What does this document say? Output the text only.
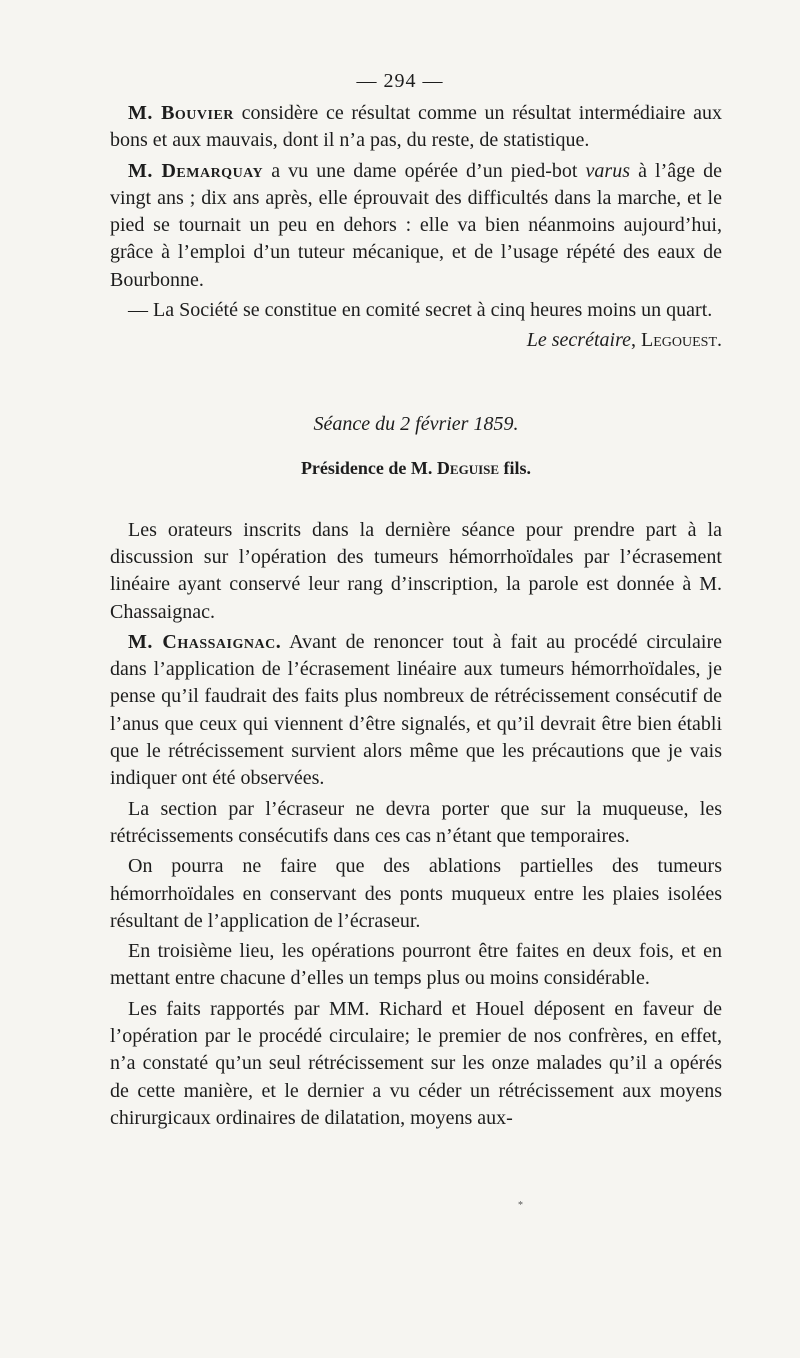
— 294 —

M. Bouvier considère ce résultat comme un résultat intermédiaire aux bons et aux mauvais, dont il n’a pas, du reste, de statistique.

M. Demarquay a vu une dame opérée d’un pied-bot varus à l’âge de vingt ans ; dix ans après, elle éprouvait des difficultés dans la marche, et le pied se tournait un peu en dehors : elle va bien néanmoins aujourd’hui, grâce à l’emploi d’un tuteur mécanique, et de l’usage répété des eaux de Bourbonne.

— La Société se constitue en comité secret à cinq heures moins un quart.

Le secrétaire, Legouest.
Séance du 2 février 1859.
Présidence de M. Deguise fils.

Les orateurs inscrits dans la dernière séance pour prendre part à la discussion sur l’opération des tumeurs hémorrhoïdales par l’écrasement linéaire ayant conservé leur rang d’inscription, la parole est donnée à M. Chassaignac.

M. Chassaignac. Avant de renoncer tout à fait au procédé circulaire dans l’application de l’écrasement linéaire aux tumeurs hémorrhoïdales, je pense qu’il faudrait des faits plus nombreux de rétrécissement consécutif de l’anus que ceux qui viennent d’être signalés, et qu’il devrait être bien établi que le rétrécissement survient alors même que les précautions que je vais indiquer ont été observées.

La section par l’écraseur ne devra porter que sur la muqueuse, les rétrécissements consécutifs dans ces cas n’étant que temporaires.

On pourra ne faire que des ablations partielles des tumeurs hémorrhoïdales en conservant des ponts muqueux entre les plaies isolées résultant de l’application de l’écraseur.

En troisième lieu, les opérations pourront être faites en deux fois, et en mettant entre chacune d’elles un temps plus ou moins considérable.

Les faits rapportés par MM. Richard et Houel déposent en faveur de l’opération par le procédé circulaire; le premier de nos confrères, en effet, n’a constaté qu’un seul rétrécissement sur les onze malades qu’il a opérés de cette manière, et le dernier a vu céder un rétrécissement aux moyens chirurgicaux ordinaires de dilatation, moyens aux-

*
